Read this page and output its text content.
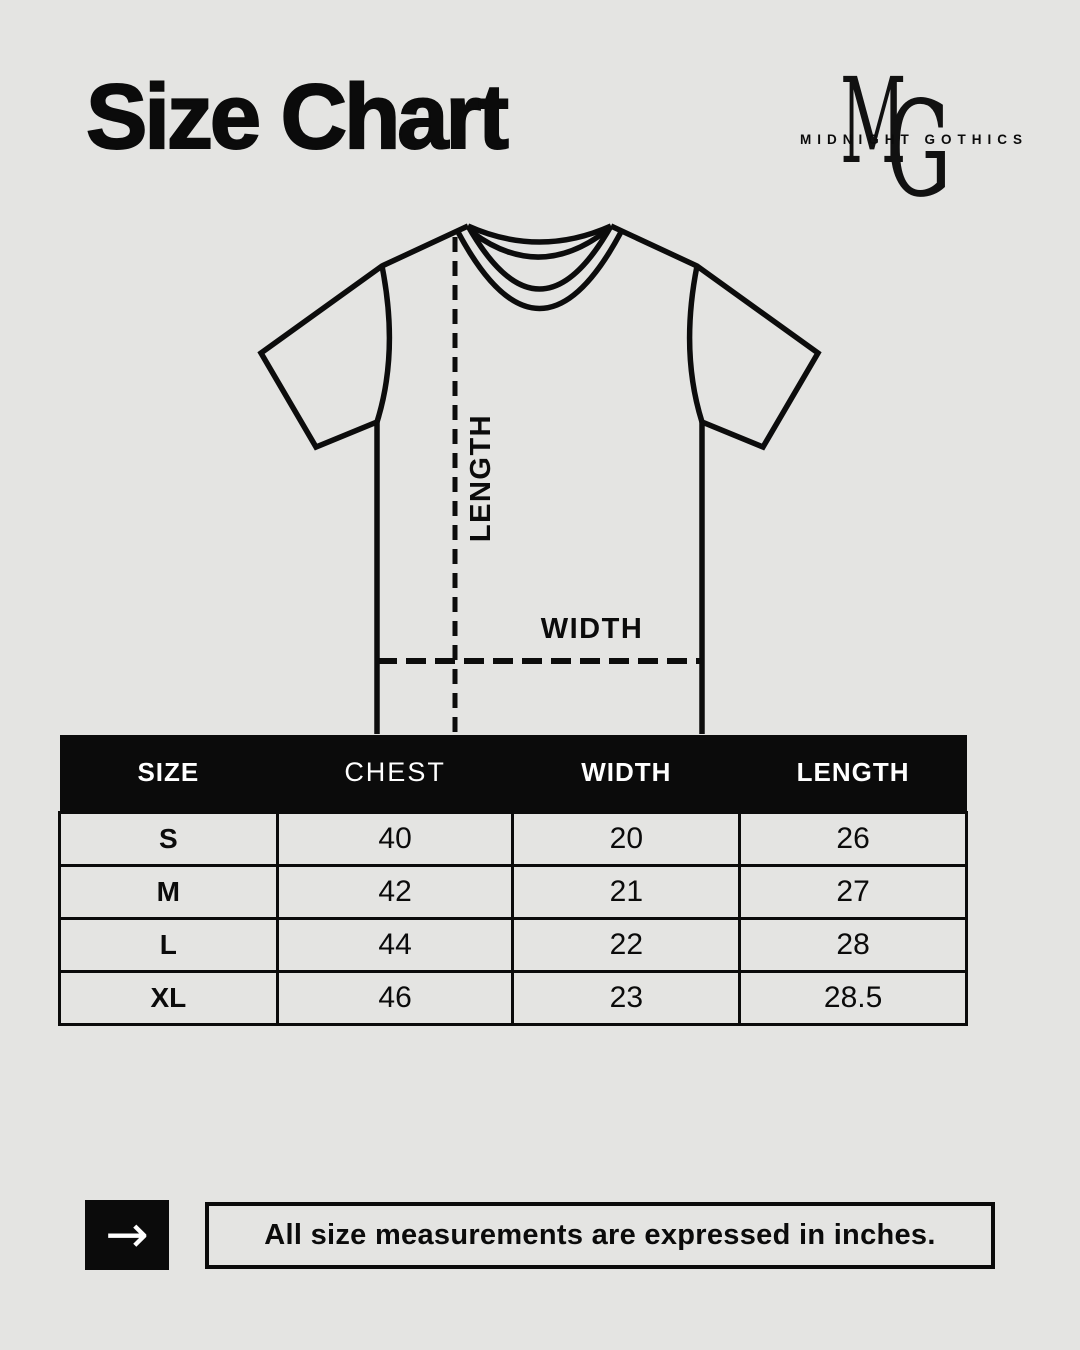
Size Chart	M
G
MIDNIGHT GOTHICS
LENGTH
WIDTH
SIZE	CHEST	WIDTH	LENGTH
S	40	20	26
M	42	21	27
L	44	22	28
XL	46	23	28.5
→	All size measurements are expressed in inches.
